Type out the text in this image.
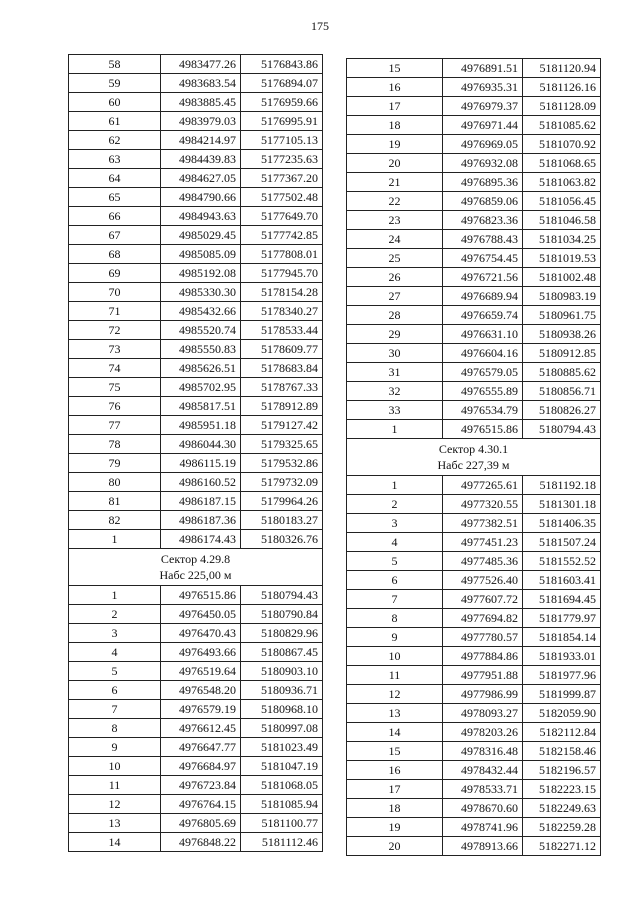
175
58	4983477.26	5176843.86
59	4983683.54	5176894.07
60	4983885.45	5176959.66
61	4983979.03	5176995.91
62	4984214.97	5177105.13
63	4984439.83	5177235.63
64	4984627.05	5177367.20
65	4984790.66	5177502.48
66	4984943.63	5177649.70
67	4985029.45	5177742.85
68	4985085.09	5177808.01
69	4985192.08	5177945.70
70	4985330.30	5178154.28
71	4985432.66	5178340.27
72	4985520.74	5178533.44
73	4985550.83	5178609.77
74	4985626.51	5178683.84
75	4985702.95	5178767.33
76	4985817.51	5178912.89
77	4985951.18	5179127.42
78	4986044.30	5179325.65
79	4986115.19	5179532.86
80	4986160.52	5179732.09
81	4986187.15	5179964.26
82	4986187.36	5180183.27
1	4986174.43	5180326.76

Сектор 4.29.8
Набс 225,00 м		

1	4976515.86	5180794.43
2	4976450.05	5180790.84
3	4976470.43	5180829.96
4	4976493.66	5180867.45
5	4976519.64	5180903.10
6	4976548.20	5180936.71
7	4976579.19	5180968.10
8	4976612.45	5180997.08
9	4976647.77	5181023.49
10	4976684.97	5181047.19
11	4976723.84	5181068.05
12	4976764.15	5181085.94
13	4976805.69	5181100.77
14	4976848.22	5181112.46
15	4976891.51	5181120.94
16	4976935.31	5181126.16
17	4976979.37	5181128.09
18	4976971.44	5181085.62
19	4976969.05	5181070.92
20	4976932.08	5181068.65
21	4976895.36	5181063.82
22	4976859.06	5181056.45
23	4976823.36	5181046.58
24	4976788.43	5181034.25
25	4976754.45	5181019.53
26	4976721.56	5181002.48
27	4976689.94	5180983.19
28	4976659.74	5180961.75
29	4976631.10	5180938.26
30	4976604.16	5180912.85
31	4976579.05	5180885.62
32	4976555.89	5180856.71
33	4976534.79	5180826.27
1	4976515.86	5180794.43

Сектор 4.30.1
Набс 227,39 м		

1	4977265.61	5181192.18
2	4977320.55	5181301.18
3	4977382.51	5181406.35
4	4977451.23	5181507.24
5	4977485.36	5181552.52
6	4977526.40	5181603.41
7	4977607.72	5181694.45
8	4977694.82	5181779.97
9	4977780.57	5181854.14
10	4977884.86	5181933.01
11	4977951.88	5181977.96
12	4977986.99	5181999.87
13	4978093.27	5182059.90
14	4978203.26	5182112.84
15	4978316.48	5182158.46
16	4978432.44	5182196.57
17	4978533.71	5182223.15
18	4978670.60	5182249.63
19	4978741.96	5182259.28
20	4978913.66	5182271.12
